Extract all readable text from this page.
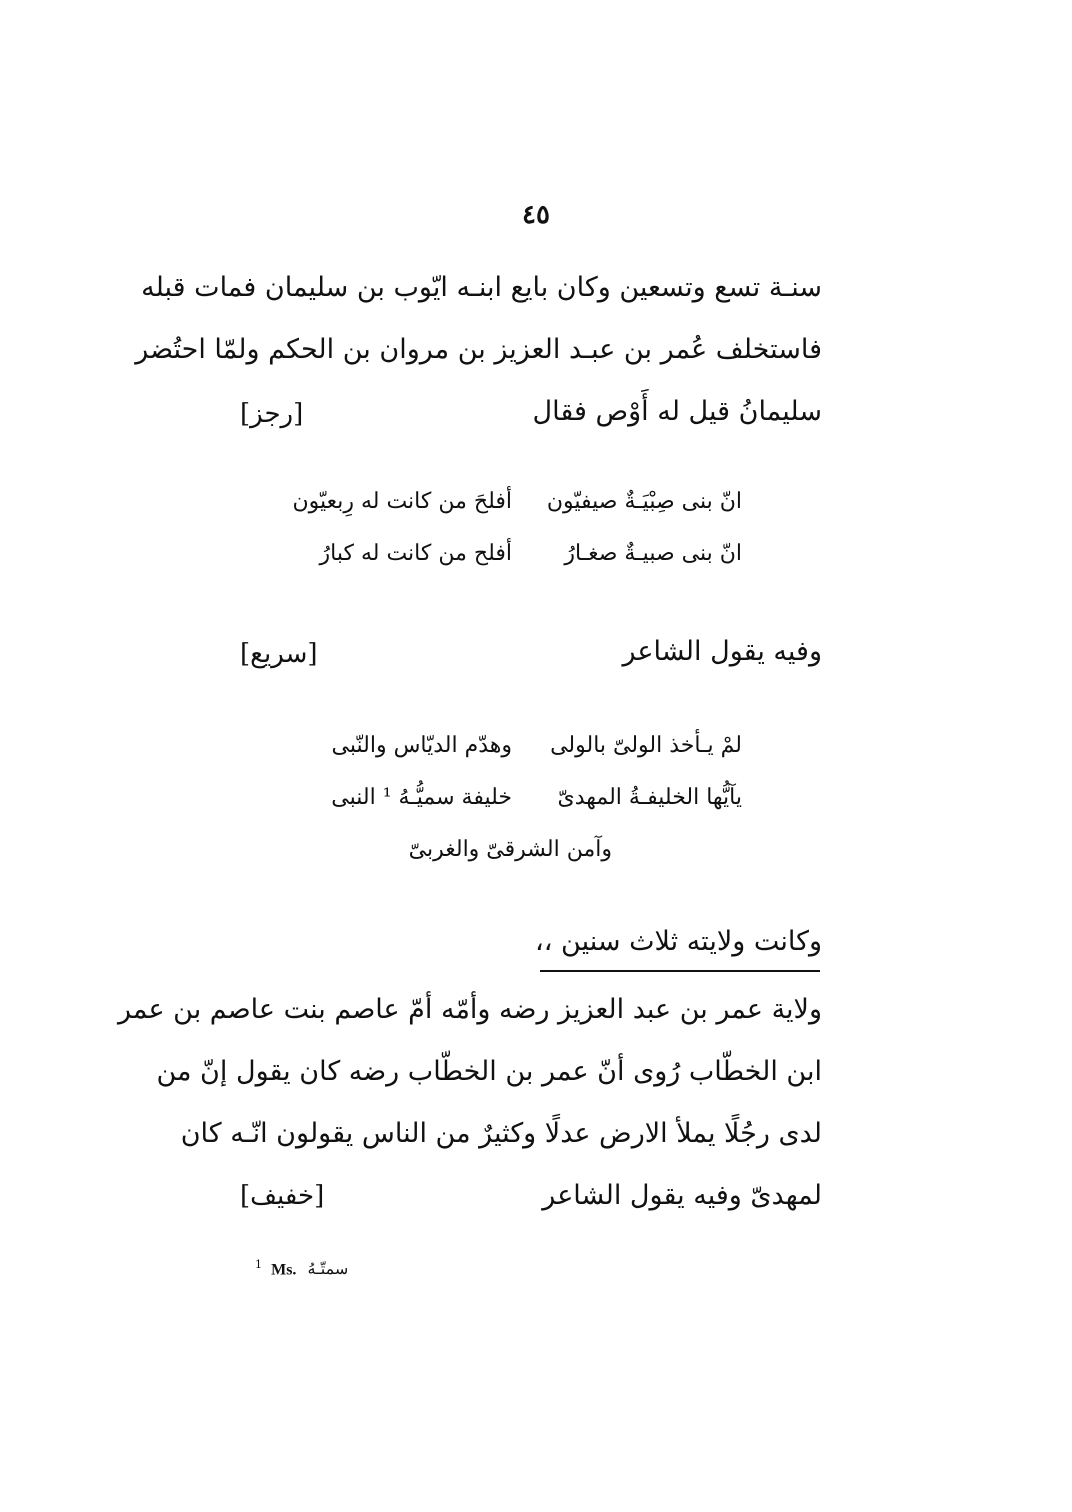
٤٥
سنـة تسع وتسعين وكان بايع ابنـه ايّوب بن سليمان فمات قبله
فاستخلف عُمر بن عبـد العزيز بن مروان بن الحكم ولمّا احتُضر
سليمانُ قيل له أَوْص فقال
[رجز]
انّ بنى صِبْيَـةٌ صيفيّون
أفلحَ من كانت له رِبعيّون
انّ بنى صبيـةٌ صغـارُ
أفلح من كانت له كبارُ
وفيه يقول الشاعر
[سريع]
لمْ يـأخذ الولىّ بالولى
وهدّم الديّاس والنّبى
يآيُّها الخليفـةُ المهدىّ
خليفة سميُّـهُ ¹ النبى
وآمن الشرقىّ والغربىّ
وكانت ولايته ثلاث سنين ،،
ولاية عمر بن عبد العزيز رضه وأمّه أمّ عاصم بنت عاصم بن عمر
ابن الخطّاب رُوى أنّ عمر بن الخطّاب رضه كان يقول إنّ من
لدى رجُلًا يملأ الارض عدلًا وكثيرٌ من الناس يقولون انّـه كان
لمهدىّ وفيه يقول الشاعر
[خفيف]
$^1$ Ms. سمتّـهُ
